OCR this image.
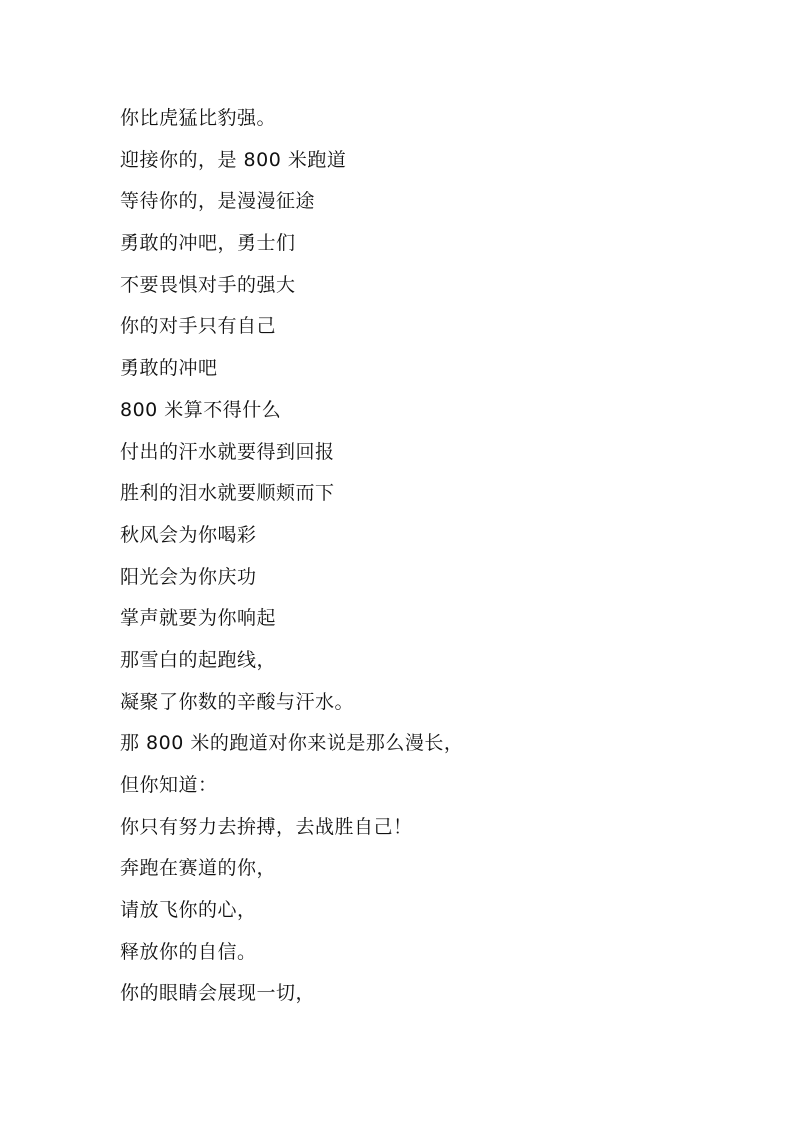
你比虎猛比豹强。
迎接你的，是 800 米跑道
等待你的，是漫漫征途
勇敢的冲吧，勇士们
不要畏惧对手的强大
你的对手只有自己
勇敢的冲吧
800 米算不得什么
付出的汗水就要得到回报
胜利的泪水就要顺颊而下
秋风会为你喝彩
阳光会为你庆功
掌声就要为你响起
那雪白的起跑线，
凝聚了你数的辛酸与汗水。
那 800 米的跑道对你来说是那么漫长，
但你知道：
你只有努力去拚搏，去战胜自己！
奔跑在赛道的你，
请放飞你的心，
释放你的自信。
你的眼睛会展现一切，
